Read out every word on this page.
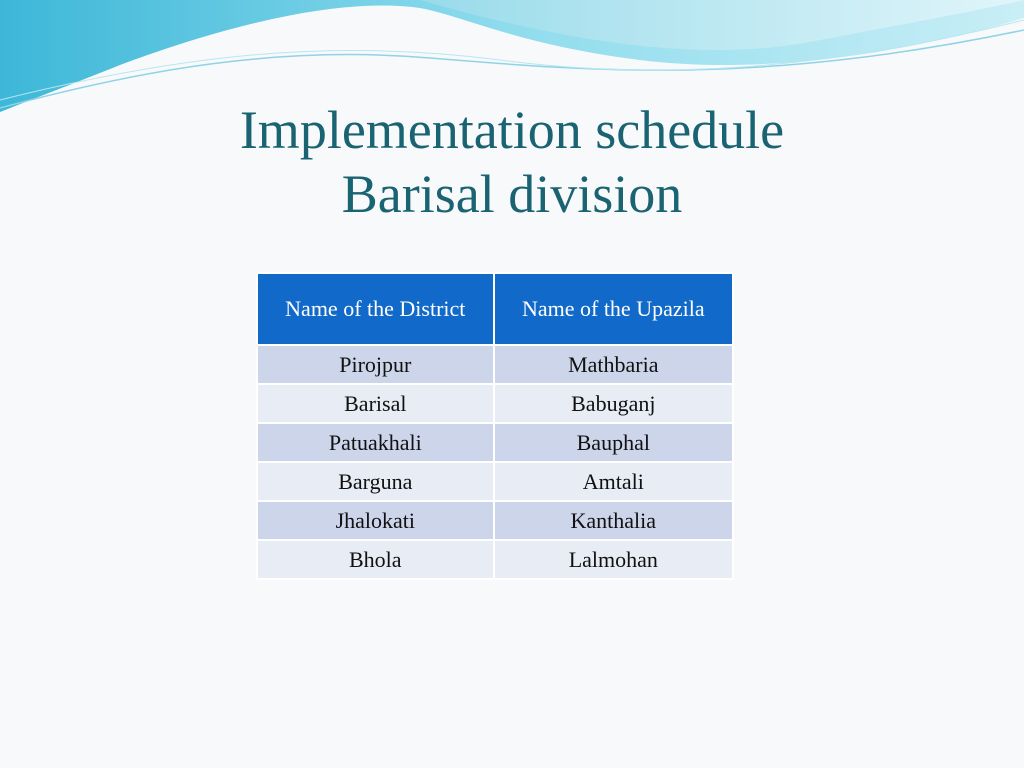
Implementation schedule
Barisal division
Name of the District	Name of the Upazila
Pirojpur	Mathbaria
Barisal	Babuganj
Patuakhali	Bauphal
Barguna	Amtali
Jhalokati	Kanthalia
Bhola	Lalmohan
